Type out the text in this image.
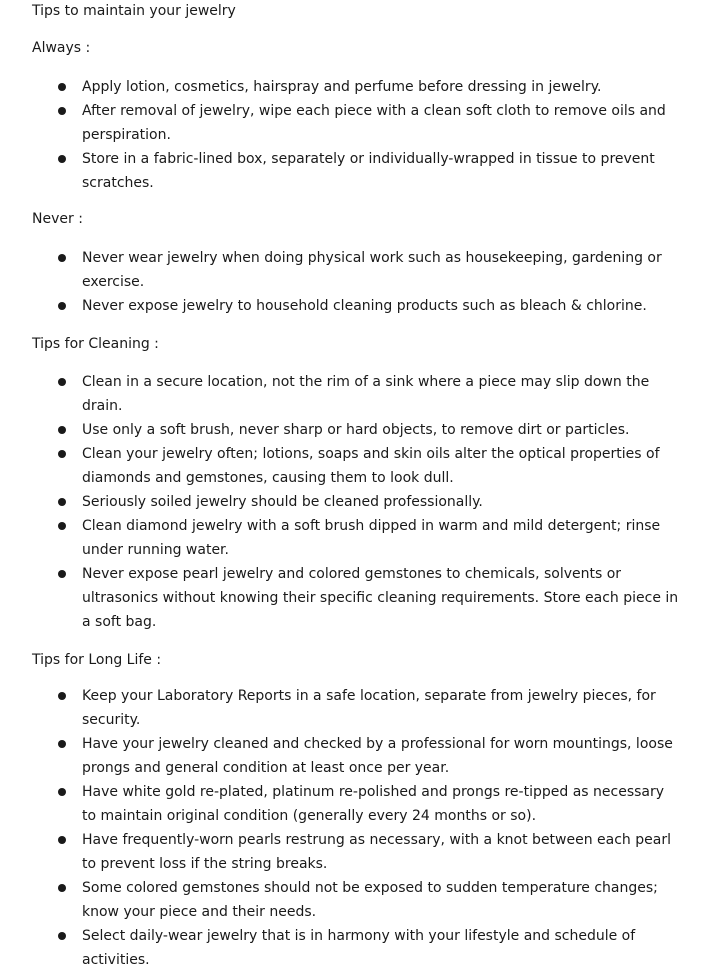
Tips to maintain your jewelry
Always :
Apply lotion, cosmetics, hairspray and perfume before dressing in jewelry.
After removal of jewelry, wipe each piece with a clean soft cloth to remove oils and perspiration.
Store in a fabric-lined box, separately or individually-wrapped in tissue to prevent scratches.
Never :
Never wear jewelry when doing physical work such as housekeeping, gardening or exercise.
Never expose jewelry to household cleaning products such as bleach & chlorine.
Tips for Cleaning :
Clean in a secure location, not the rim of a sink where a piece may slip down the drain.
Use only a soft brush, never sharp or hard objects, to remove dirt or particles.
Clean your jewelry often; lotions, soaps and skin oils alter the optical properties of diamonds and gemstones, causing them to look dull.
Seriously soiled jewelry should be cleaned professionally.
Clean diamond jewelry with a soft brush dipped in warm and mild detergent; rinse under running water.
Never expose pearl jewelry and colored gemstones to chemicals, solvents or ultrasonics without knowing their specific cleaning requirements. Store each piece in a soft bag.
Tips for Long Life :
Keep your Laboratory Reports in a safe location, separate from jewelry pieces, for security.
Have your jewelry cleaned and checked by a professional for worn mountings, loose prongs and general condition at least once per year.
Have white gold re-plated, platinum re-polished and prongs re-tipped as necessary to maintain original condition (generally every 24 months or so).
Have frequently-worn pearls restrung as necessary, with a knot between each pearl to prevent loss if the string breaks.
Some colored gemstones should not be exposed to sudden temperature changes; know your piece and their needs.
Select daily-wear jewelry that is in harmony with your lifestyle and schedule of activities.
